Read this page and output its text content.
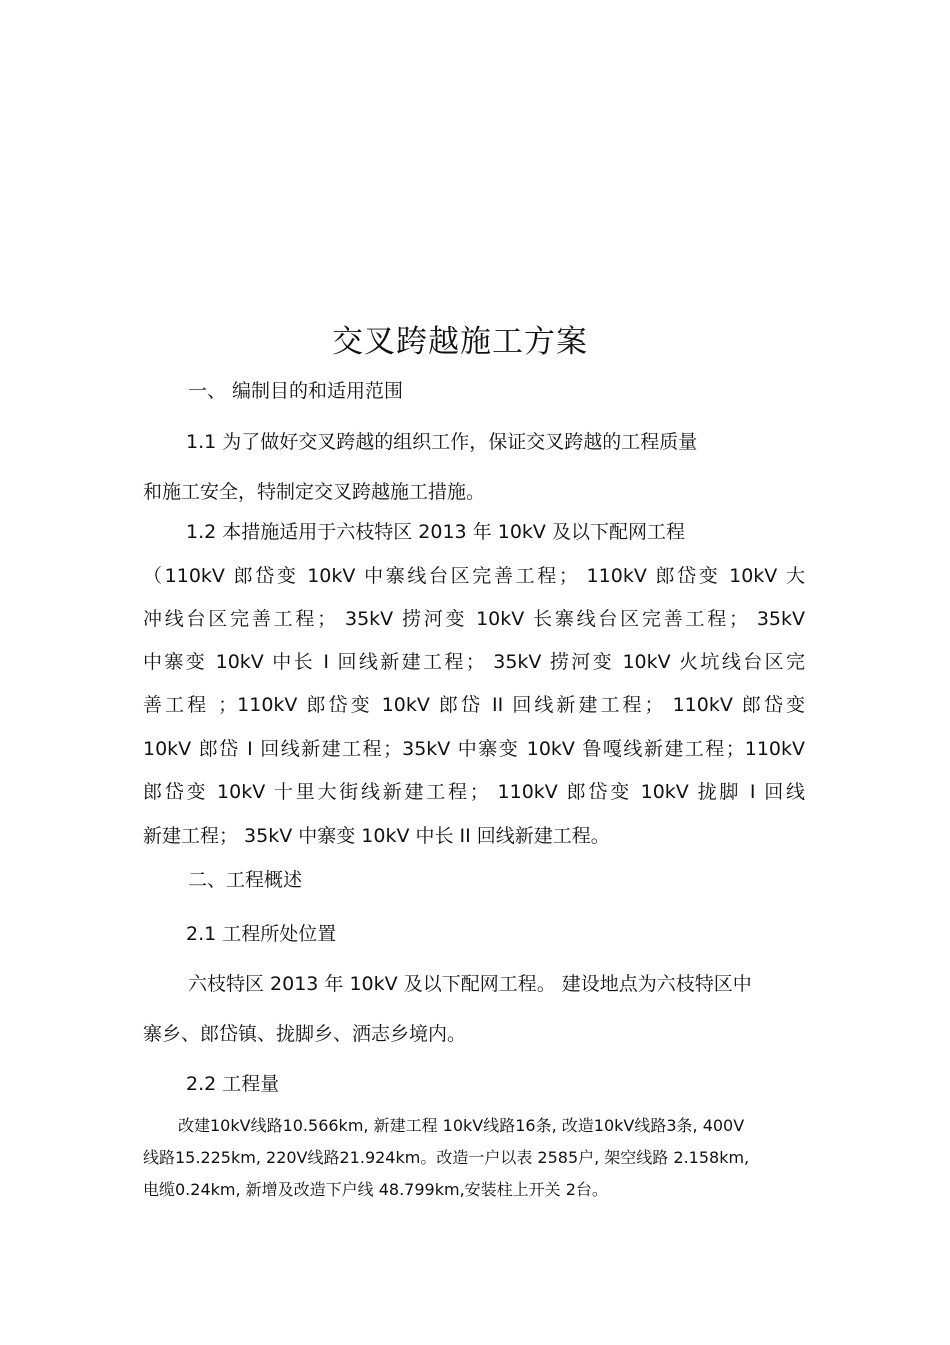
交叉跨越施工方案
一、 编制目的和适用范围
1.1 为了做好交叉跨越的组织工作，保证交叉跨越的工程质量
和施工安全，特制定交叉跨越施工措施。
1.2 本措施适用于六枝特区 2013 年 10kV 及以下配网工程
（110kV 郎岱变 10kV 中寨线台区完善工程； 110kV 郎岱变 10kV 大
冲线台区完善工程； 35kV 捞河变 10kV 长寨线台区完善工程； 35kV
中寨变 10kV 中长 I 回线新建工程； 35kV 捞河变 10kV 火坑线台区完
善工程 ；110kV 郎岱变 10kV 郎岱 II 回线新建工程； 110kV 郎岱变
10kV 郎岱 I 回线新建工程；35kV 中寨变 10kV 鲁嘎线新建工程；110kV
郎岱变 10kV 十里大街线新建工程； 110kV 郎岱变 10kV 拢脚 I 回线
新建工程； 35kV 中寨变 10kV 中长 II 回线新建工程。
二、工程概述
2.1 工程所处位置
六枝特区 2013 年 10kV 及以下配网工程。 建设地点为六枝特区中
寨乡、郎岱镇、拢脚乡、洒志乡境内。
2.2 工程量
改建10kV线路10.566km, 新建工程 10kV线路16条, 改造10kV线路3条, 400V
线路15.225km, 220V线路21.924km。改造一户以表 2585户, 架空线路 2.158km,
电缆0.24km, 新增及改造下户线 48.799km,安装柱上开关 2台。
